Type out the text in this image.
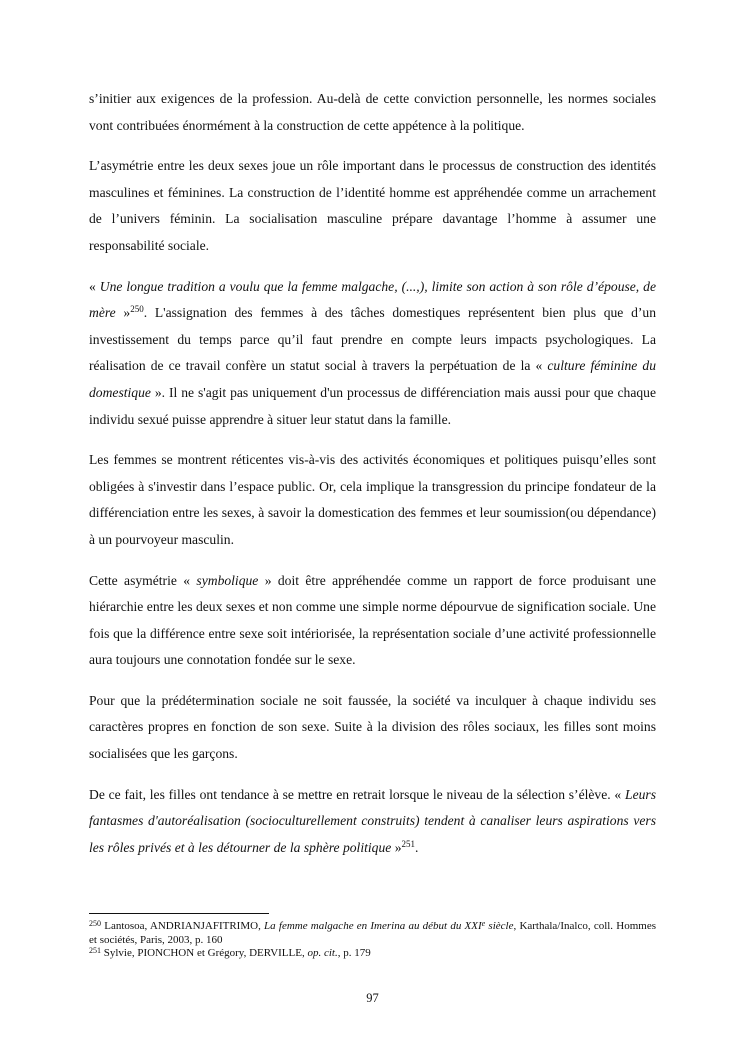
s’initier aux exigences de la profession. Au-delà de cette conviction personnelle, les normes sociales vont contribuées énormément à la construction de cette appétence à la politique.

L’asymétrie entre les deux sexes joue un rôle important dans le processus de construction des identités masculines et féminines. La construction de l’identité homme est appréhendée comme un arrachement de l’univers féminin. La socialisation masculine prépare davantage l’homme à assumer une responsabilité sociale.

« Une longue tradition a voulu que la femme malgache, (...,), limite son action à son rôle d’épouse, de mère »$^{250}$. L'assignation des femmes à des tâches domestiques représentent bien plus que d’un investissement du temps parce qu’il faut prendre en compte leurs impacts psychologiques. La réalisation de ce travail confère un statut social à travers la perpétuation de la « culture féminine du domestique ». Il ne s'agit pas uniquement d'un processus de différenciation mais aussi pour que chaque individu sexué puisse apprendre à situer leur statut dans la famille.

Les femmes se montrent réticentes vis-à-vis des activités économiques et politiques puisqu’elles sont obligées à s'investir dans l’espace public. Or, cela implique la transgression du principe fondateur de la différenciation entre les sexes, à savoir la domestication des femmes et leur soumission(ou dépendance) à un pourvoyeur masculin.

Cette asymétrie « symbolique » doit être appréhendée comme un rapport de force produisant une hiérarchie entre les deux sexes et non comme une simple norme dépourvue de signification sociale. Une fois que la différence entre sexe soit intériorisée, la représentation sociale d’une activité professionnelle aura toujours une connotation fondée sur le sexe.

Pour que la prédétermination sociale ne soit faussée, la société va inculquer à chaque individu ses caractères propres en fonction de son sexe. Suite à la division des rôles sociaux, les filles sont moins socialisées que les garçons.

De ce fait, les filles ont tendance à se mettre en retrait lorsque le niveau de la sélection s’élève. « Leurs fantasmes d'autoréalisation (socioculturellement construits) tendent à canaliser leurs aspirations vers les rôles privés et à les détourner de la sphère politique »$^{251}$.

$^{250}$ Lantosoa, ANDRIANJAFITRIMO, La femme malgache en Imerina au début du XXIe siècle, Karthala/Inalco, coll. Hommes et sociétés, Paris, 2003, p. 160
$^{251}$ Sylvie, PIONCHON et Grégory, DERVILLE, op. cit., p. 179
97
